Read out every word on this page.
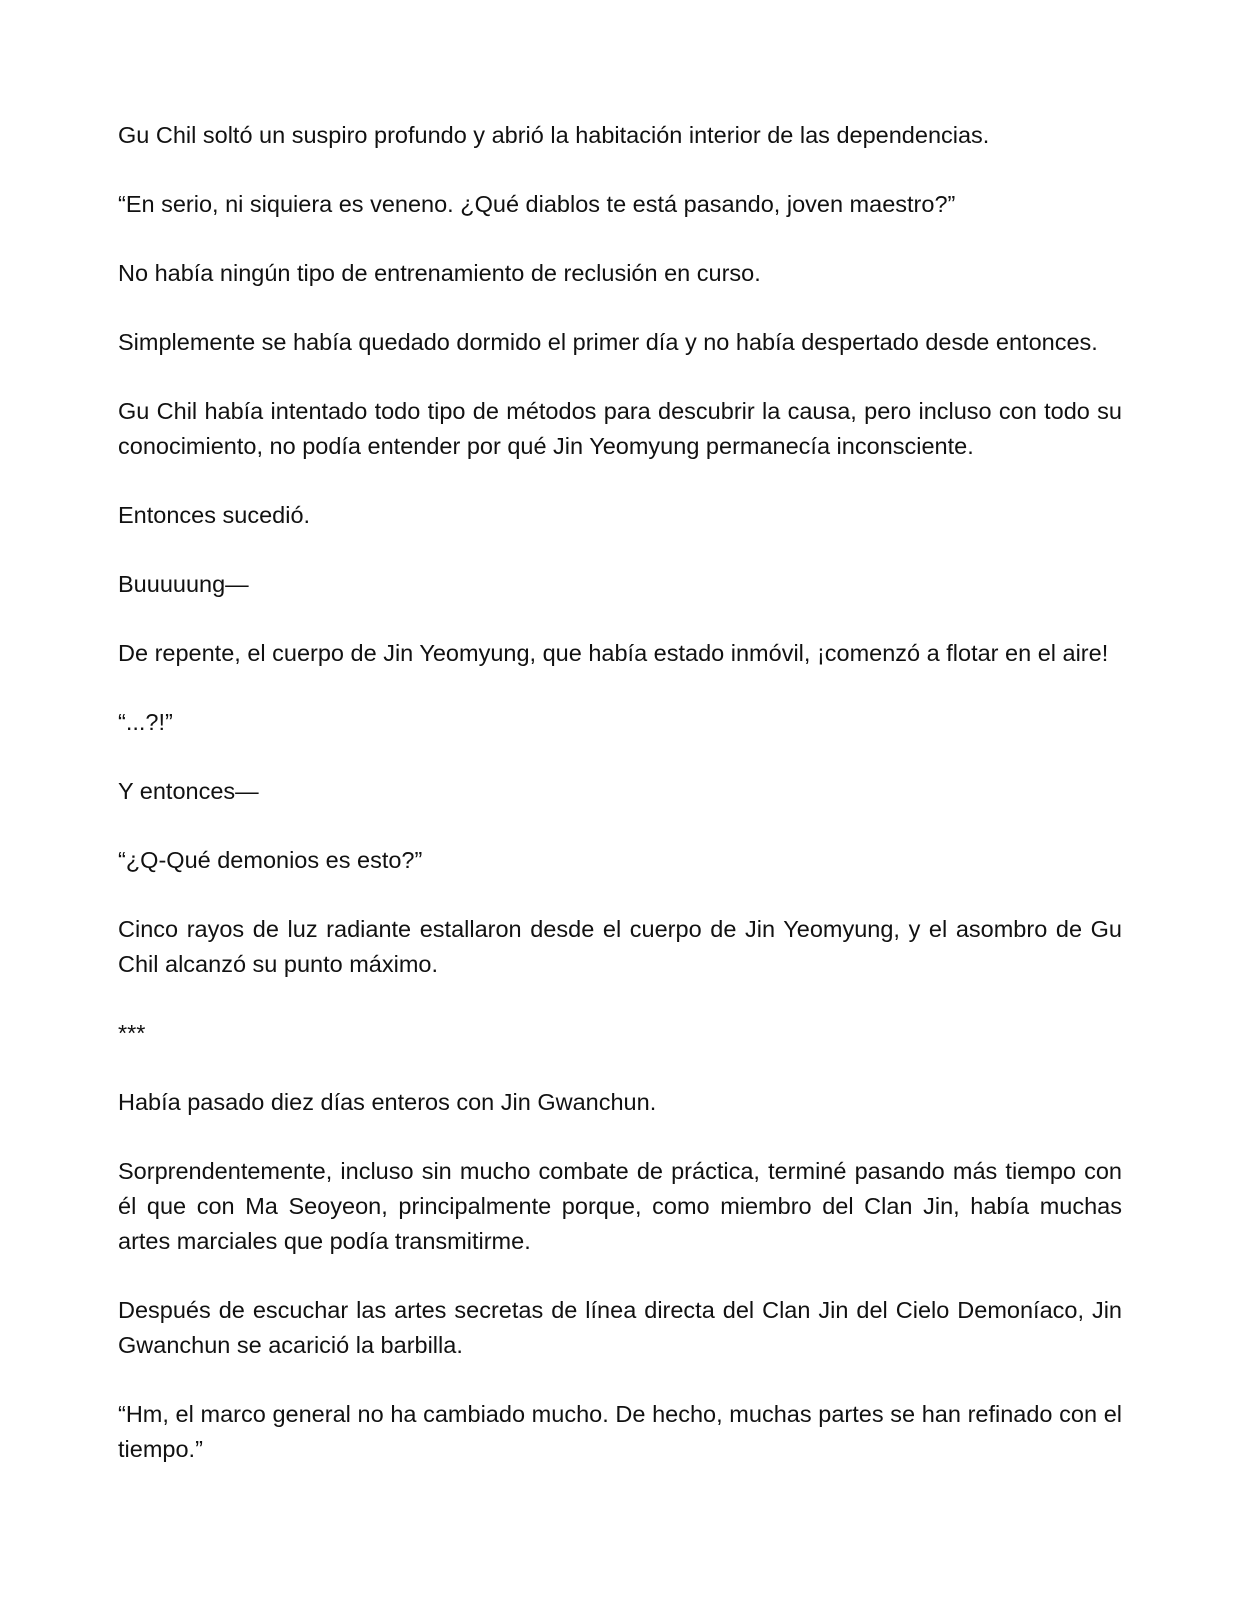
Gu Chil soltó un suspiro profundo y abrió la habitación interior de las dependencias.

“En serio, ni siquiera es veneno. ¿Qué diablos te está pasando, joven maestro?”

No había ningún tipo de entrenamiento de reclusión en curso.

Simplemente se había quedado dormido el primer día y no había despertado desde entonces.

Gu Chil había intentado todo tipo de métodos para descubrir la causa, pero incluso con todo su conocimiento, no podía entender por qué Jin Yeomyung permanecía inconsciente.

Entonces sucedió.

Buuuuung—

De repente, el cuerpo de Jin Yeomyung, que había estado inmóvil, ¡comenzó a flotar en el aire!

“...?!”

Y entonces—

“¿Q-Qué demonios es esto?”

Cinco rayos de luz radiante estallaron desde el cuerpo de Jin Yeomyung, y el asombro de Gu Chil alcanzó su punto máximo.

***

Había pasado diez días enteros con Jin Gwanchun.

Sorprendentemente, incluso sin mucho combate de práctica, terminé pasando más tiempo con él que con Ma Seoyeon, principalmente porque, como miembro del Clan Jin, había muchas artes marciales que podía transmitirme.

Después de escuchar las artes secretas de línea directa del Clan Jin del Cielo Demoníaco, Jin Gwanchun se acarició la barbilla.

“Hm, el marco general no ha cambiado mucho. De hecho, muchas partes se han refinado con el tiempo.”
